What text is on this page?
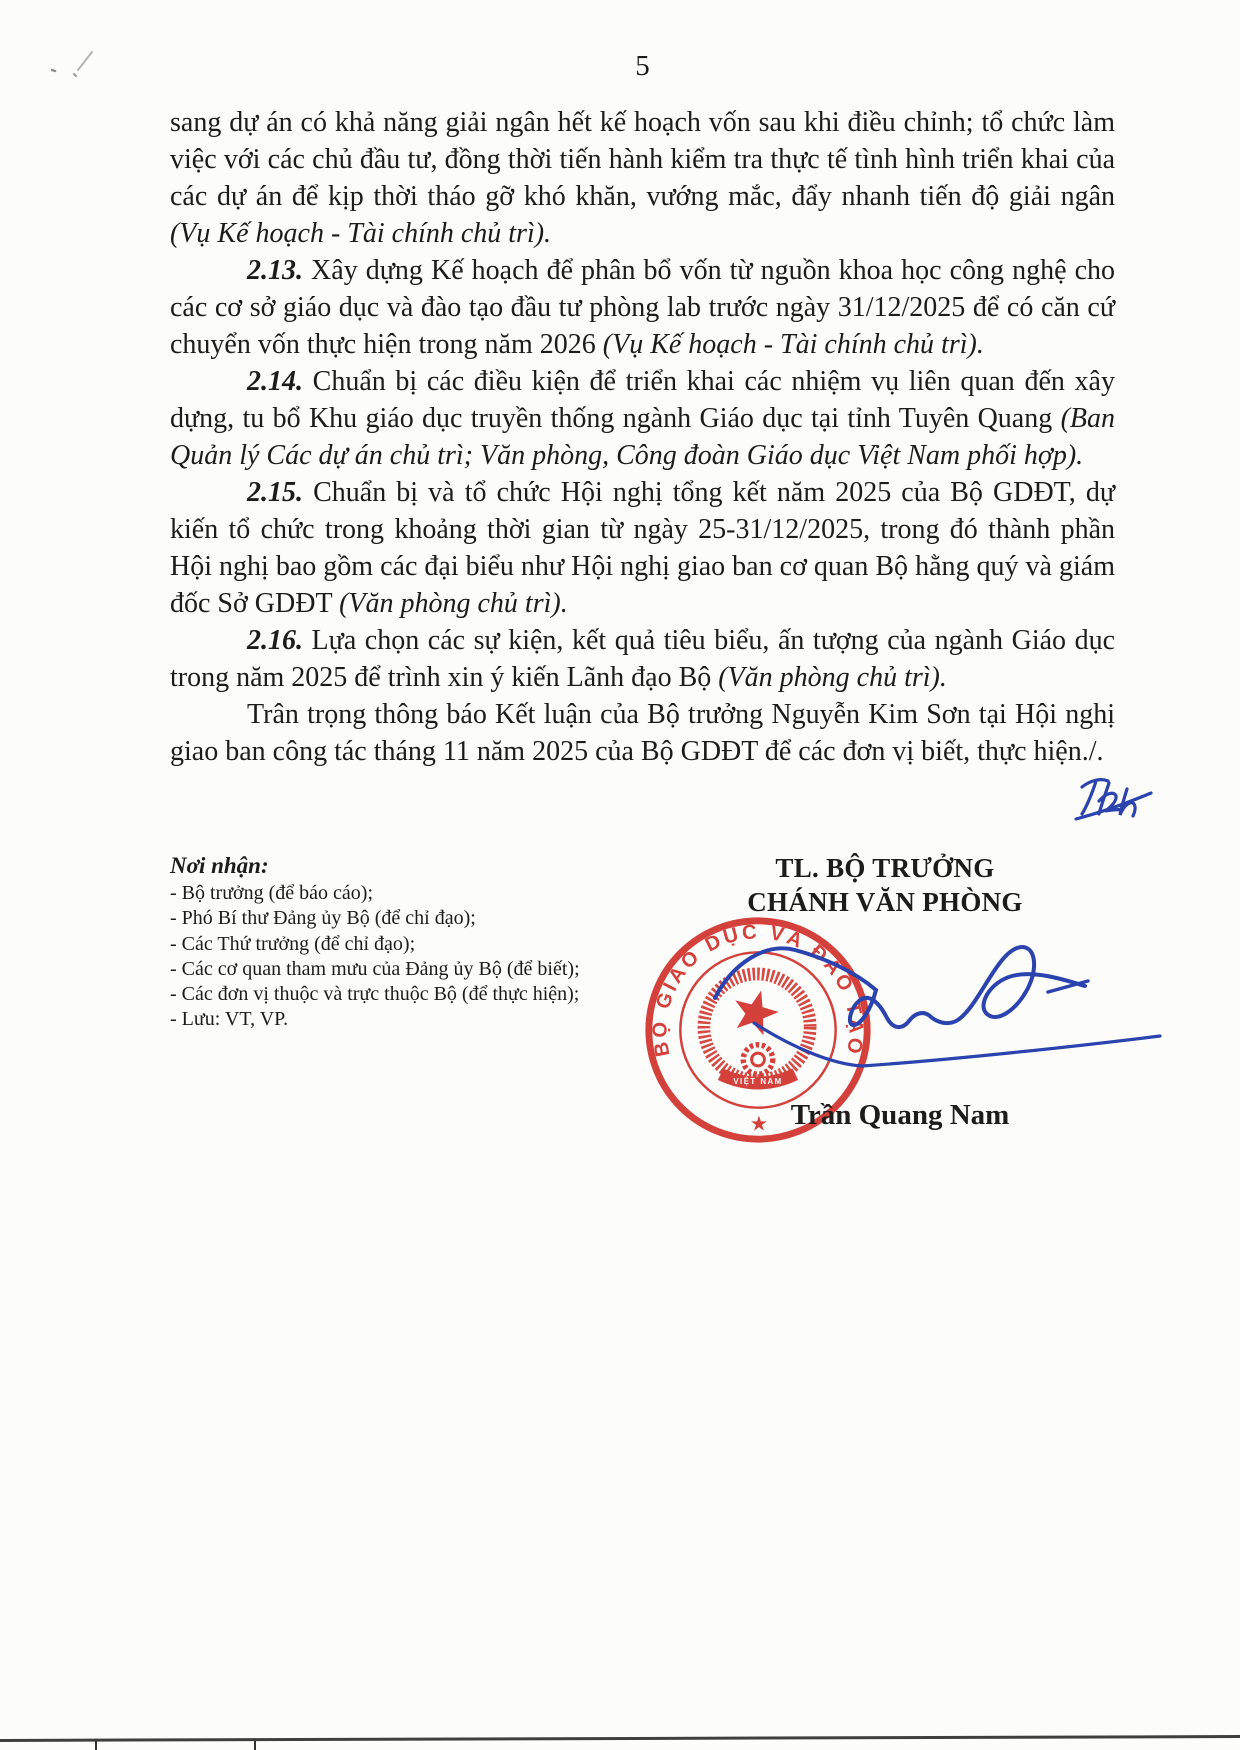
5

sang dự án có khả năng giải ngân hết kế hoạch vốn sau khi điều chỉnh; tổ chức làm việc với các chủ đầu tư, đồng thời tiến hành kiểm tra thực tế tình hình triển khai của các dự án để kịp thời tháo gỡ khó khăn, vướng mắc, đẩy nhanh tiến độ giải ngân (Vụ Kế hoạch - Tài chính chủ trì).

2.13. Xây dựng Kế hoạch để phân bổ vốn từ nguồn khoa học công nghệ cho các cơ sở giáo dục và đào tạo đầu tư phòng lab trước ngày 31/12/2025 để có căn cứ chuyển vốn thực hiện trong năm 2026 (Vụ Kế hoạch - Tài chính chủ trì).

2.14. Chuẩn bị các điều kiện để triển khai các nhiệm vụ liên quan đến xây dựng, tu bổ Khu giáo dục truyền thống ngành Giáo dục tại tỉnh Tuyên Quang (Ban Quản lý Các dự án chủ trì; Văn phòng, Công đoàn Giáo dục Việt Nam phối hợp).

2.15. Chuẩn bị và tổ chức Hội nghị tổng kết năm 2025 của Bộ GDĐT, dự kiến tổ chức trong khoảng thời gian từ ngày 25-31/12/2025, trong đó thành phần Hội nghị bao gồm các đại biểu như Hội nghị giao ban cơ quan Bộ hằng quý và giám đốc Sở GDĐT (Văn phòng chủ trì).

2.16. Lựa chọn các sự kiện, kết quả tiêu biểu, ấn tượng của ngành Giáo dục trong năm 2025 để trình xin ý kiến Lãnh đạo Bộ (Văn phòng chủ trì).

Trân trọng thông báo Kết luận của Bộ trưởng Nguyễn Kim Sơn tại Hội nghị giao ban công tác tháng 11 năm 2025 của Bộ GDĐT để các đơn vị biết, thực hiện./.

Nơi nhận:
- Bộ trưởng (để báo cáo);
- Phó Bí thư Đảng ủy Bộ (để chỉ đạo);
- Các Thứ trưởng (để chỉ đạo);
- Các cơ quan tham mưu của Đảng ủy Bộ (để biết);
- Các đơn vị thuộc và trực thuộc Bộ (để thực hiện);
- Lưu: VT, VP.
TL. BỘ TRƯỞNG
CHÁNH VĂN PHÒNG
BỘ GIÁO DỤC VÀ ĐÀO TẠO
★
VIỆT NAM
Trần Quang Nam
